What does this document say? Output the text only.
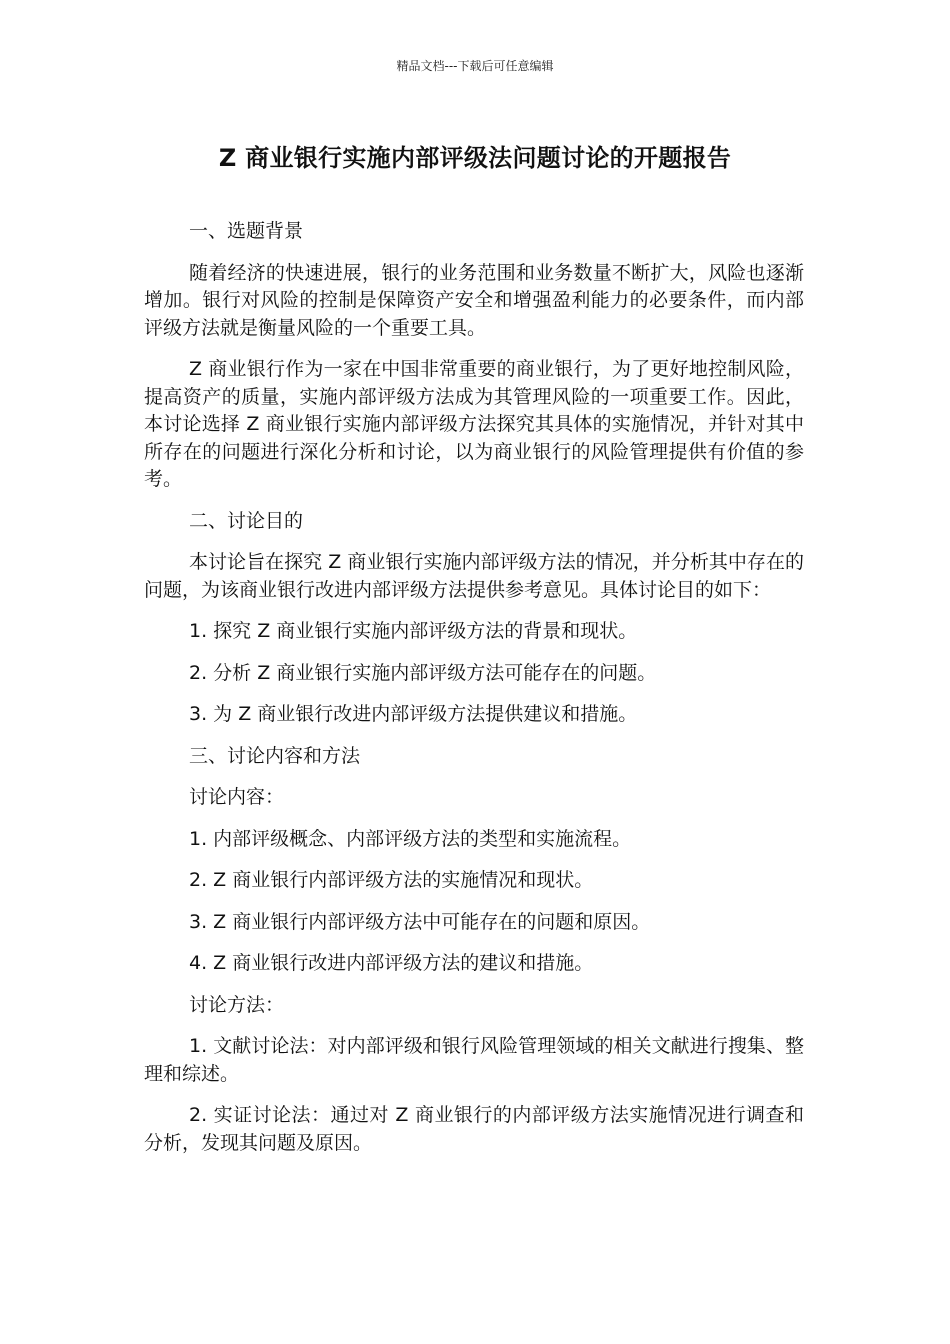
精品文档---下载后可任意编辑
Z 商业银行实施内部评级法问题讨论的开题报告

一、选题背景

随着经济的快速进展，银行的业务范围和业务数量不断扩大，风险也逐渐增加。银行对风险的控制是保障资产安全和增强盈利能力的必要条件，而内部评级方法就是衡量风险的一个重要工具。

Z 商业银行作为一家在中国非常重要的商业银行，为了更好地控制风险，提高资产的质量，实施内部评级方法成为其管理风险的一项重要工作。因此，本讨论选择 Z 商业银行实施内部评级方法探究其具体的实施情况，并针对其中所存在的问题进行深化分析和讨论，以为商业银行的风险管理提供有价值的参考。

二、讨论目的

本讨论旨在探究 Z 商业银行实施内部评级方法的情况，并分析其中存在的问题，为该商业银行改进内部评级方法提供参考意见。具体讨论目的如下：

1. 探究 Z 商业银行实施内部评级方法的背景和现状。

2. 分析 Z 商业银行实施内部评级方法可能存在的问题。

3. 为 Z 商业银行改进内部评级方法提供建议和措施。

三、讨论内容和方法

讨论内容：

1. 内部评级概念、内部评级方法的类型和实施流程。

2. Z 商业银行内部评级方法的实施情况和现状。

3. Z 商业银行内部评级方法中可能存在的问题和原因。

4. Z 商业银行改进内部评级方法的建议和措施。

讨论方法：

1. 文献讨论法：对内部评级和银行风险管理领域的相关文献进行搜集、整理和综述。

2. 实证讨论法：通过对 Z 商业银行的内部评级方法实施情况进行调查和分析，发现其问题及原因。
